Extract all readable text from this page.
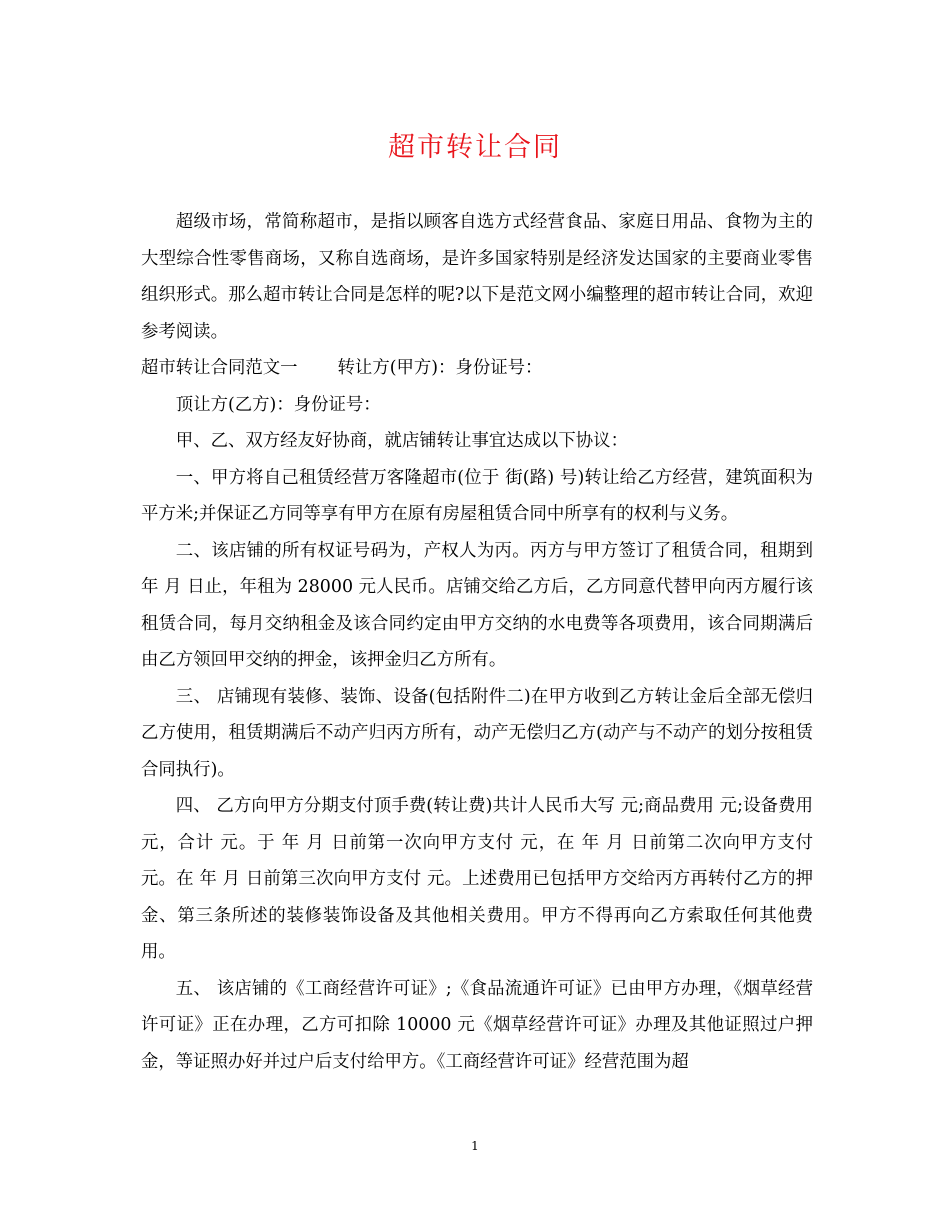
超市转让合同

超级市场，常简称超市，是指以顾客自选方式经营食品、家庭日用品、食物为主的大型综合性零售商场，又称自选商场，是许多国家特别是经济发达国家的主要商业零售组织形式。那么超市转让合同是怎样的呢?以下是范文网小编整理的超市转让合同，欢迎参考阅读。

超市转让合同范文一 转让方(甲方)：身份证号：

顶让方(乙方)：身份证号：

甲、乙、双方经友好协商，就店铺转让事宜达成以下协议：

一、甲方将自己租赁经营万客隆超市(位于 街(路) 号)转让给乙方经营，建筑面积为 平方米;并保证乙方同等享有甲方在原有房屋租赁合同中所享有的权利与义务。

二、该店铺的所有权证号码为，产权人为丙。丙方与甲方签订了租赁合同，租期到 年 月 日止，年租为 28000 元人民币。店铺交给乙方后，乙方同意代替甲向丙方履行该租赁合同，每月交纳租金及该合同约定由甲方交纳的水电费等各项费用，该合同期满后由乙方领回甲交纳的押金，该押金归乙方所有。

三、 店铺现有装修、装饰、设备(包括附件二)在甲方收到乙方转让金后全部无偿归乙方使用，租赁期满后不动产归丙方所有，动产无偿归乙方(动产与不动产的划分按租赁合同执行)。

四、 乙方向甲方分期支付顶手费(转让费)共计人民币大写 元;商品费用 元;设备费用 元，合计 元。于 年 月 日前第一次向甲方支付 元，在 年 月 日前第二次向甲方支付 元。在 年 月 日前第三次向甲方支付 元。上述费用已包括甲方交给丙方再转付乙方的押金、第三条所述的装修装饰设备及其他相关费用。甲方不得再向乙方索取任何其他费用。

五、 该店铺的《工商经营许可证》;《食品流通许可证》已由甲方办理，《烟草经营许可证》正在办理，乙方可扣除 10000 元《烟草经营许可证》办理及其他证照过户押金，等证照办好并过户后支付给甲方。《工商经营许可证》经营范围为超

1
